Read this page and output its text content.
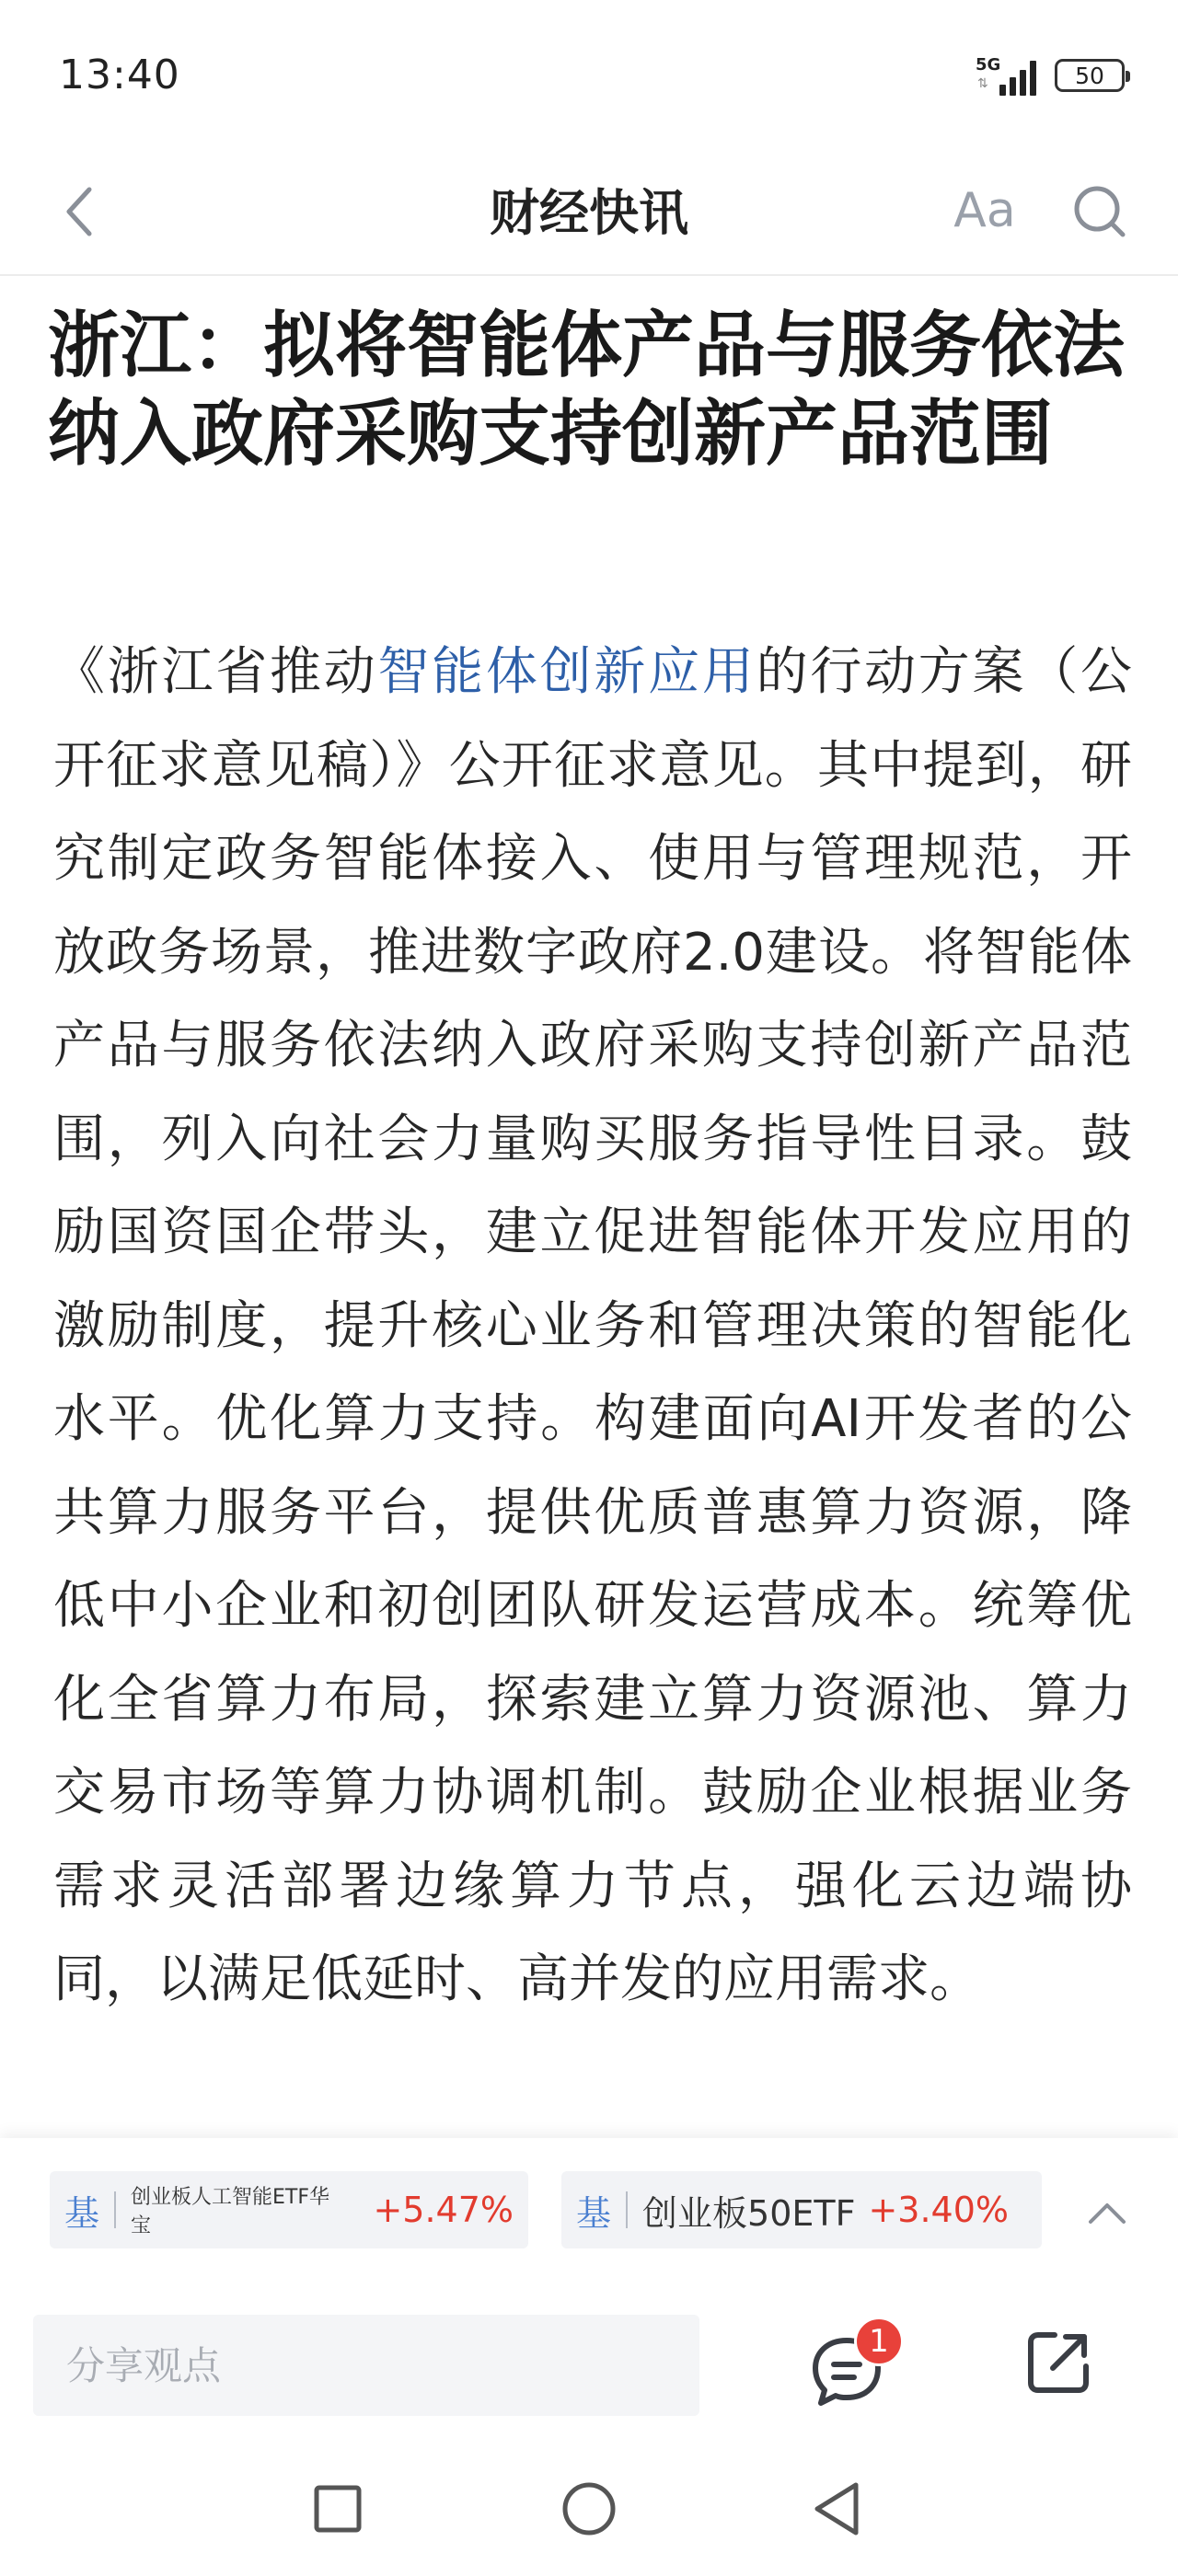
13:40	5G
⇅	50
财经快讯	Aa
浙江：拟将智能体产品与服务依法纳入政府采购支持创新产品范围

《浙江省推动智能体创新应用的行动方案（公开征求意见稿）》公开征求意见。其中提到，研究制定政务智能体接入、使用与管理规范，开放政务场景，推进数字政府2.0建设。将智能体产品与服务依法纳入政府采购支持创新产品范围，列入向社会力量购买服务指导性目录。鼓励国资国企带头，建立促进智能体开发应用的激励制度，提升核心业务和管理决策的智能化水平。优化算力支持。构建面向AI开发者的公共算力服务平台，提供优质普惠算力资源，降低中小企业和初创团队研发运营成本。统筹优化全省算力布局，探索建立算力资源池、算力交易市场等算力协调机制。鼓励企业根据业务需求灵活部署边缘算力节点，强化云边端协同，以满足低延时、高并发的应用需求。

基 创业板人工智能ETF华宝	+5.47% 基 创业板50ETF +3.40%
分享观点
1
